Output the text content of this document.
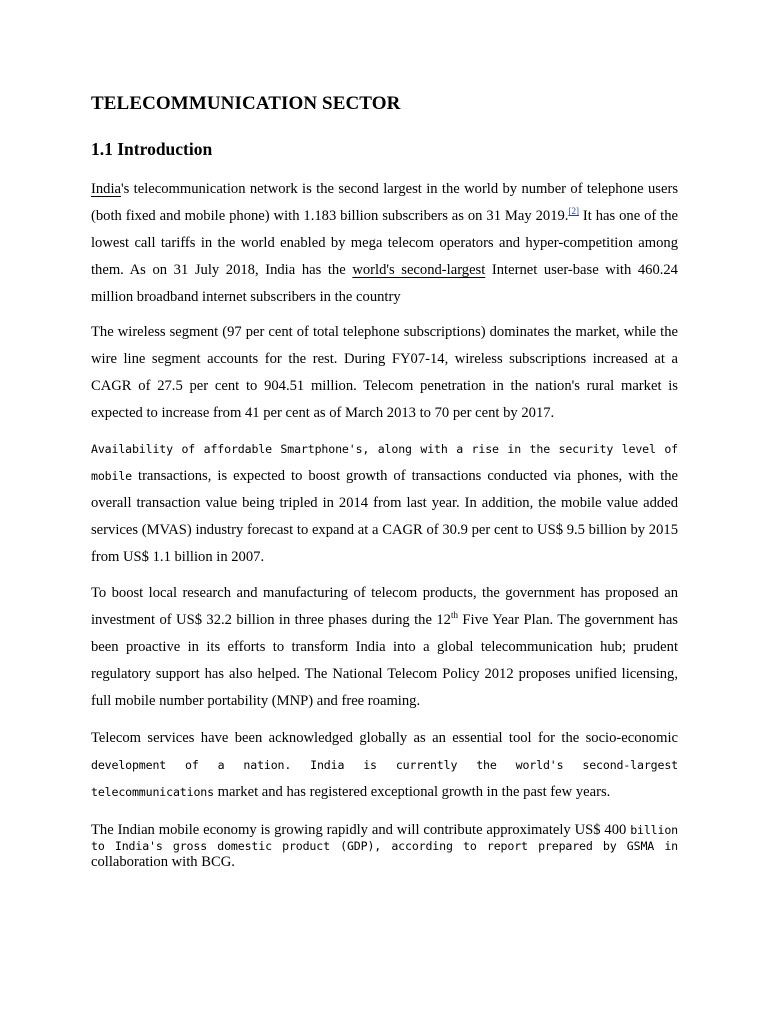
TELECOMMUNICATION SECTOR
1.1 Introduction

India's telecommunication network is the second largest in the world by number of telephone users (both fixed and mobile phone) with 1.183 billion subscribers as on 31 May 2019.[2] It has one of the lowest call tariffs in the world enabled by mega telecom operators and hyper-competition among them. As on 31 July 2018, India has the world's second-largest Internet user-base with 460.24 million broadband internet subscribers in the country

The wireless segment (97 per cent of total telephone subscriptions) dominates the market, while the wire line segment accounts for the rest. During FY07-14, wireless subscriptions increased at a CAGR of 27.5 per cent to 904.51 million. Telecom penetration in the nation's rural market is expected to increase from 41 per cent as of March 2013 to 70 per cent by 2017.

Availability of affordable Smartphone's, along with a rise in the security level of mobile transactions, is expected to boost growth of transactions conducted via phones, with the overall transaction value being tripled in 2014 from last year. In addition, the mobile value added services (MVAS) industry forecast to expand at a CAGR of 30.9 per cent to US$ 9.5 billion by 2015 from US$ 1.1 billion in 2007.

To boost local research and manufacturing of telecom products, the government has proposed an investment of US$ 32.2 billion in three phases during the 12th Five Year Plan. The government has been proactive in its efforts to transform India into a global telecommunication hub; prudent regulatory support has also helped. The National Telecom Policy 2012 proposes unified licensing, full mobile number portability (MNP) and free roaming.

Telecom services have been acknowledged globally as an essential tool for the socio-economic development of a nation. India is currently the world's second-largest telecommunications market and has registered exceptional growth in the past few years.

The Indian mobile economy is growing rapidly and will contribute approximately US$ 400 billion to India's gross domestic product (GDP), according to report prepared by GSMA in collaboration with BCG.
